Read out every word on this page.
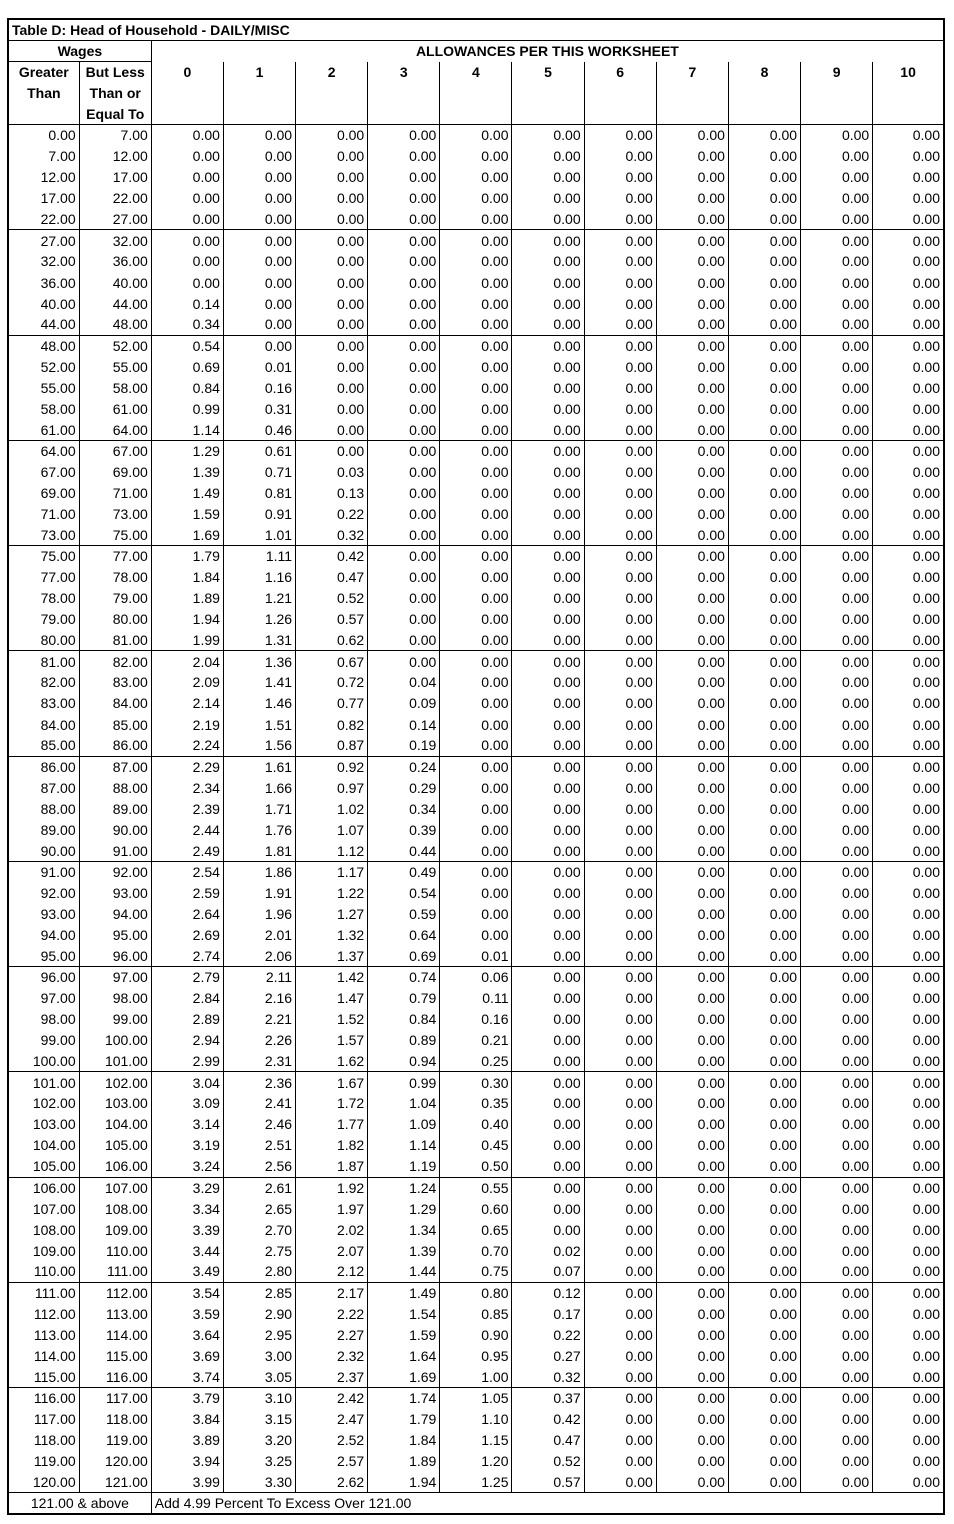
Table D: Head of Household - DAILY/MISC												
Wages		ALLOWANCES PER THIS WORKSHEET										
Greater	But Less	0	1	2	3	4	5	6	7	8	9	10
Than	Than or											
	Equal To											
0.00	7.00	0.00	0.00	0.00	0.00	0.00	0.00	0.00	0.00	0.00	0.00	0.00
7.00	12.00	0.00	0.00	0.00	0.00	0.00	0.00	0.00	0.00	0.00	0.00	0.00
12.00	17.00	0.00	0.00	0.00	0.00	0.00	0.00	0.00	0.00	0.00	0.00	0.00
17.00	22.00	0.00	0.00	0.00	0.00	0.00	0.00	0.00	0.00	0.00	0.00	0.00
22.00	27.00	0.00	0.00	0.00	0.00	0.00	0.00	0.00	0.00	0.00	0.00	0.00
27.00	32.00	0.00	0.00	0.00	0.00	0.00	0.00	0.00	0.00	0.00	0.00	0.00
32.00	36.00	0.00	0.00	0.00	0.00	0.00	0.00	0.00	0.00	0.00	0.00	0.00
36.00	40.00	0.00	0.00	0.00	0.00	0.00	0.00	0.00	0.00	0.00	0.00	0.00
40.00	44.00	0.14	0.00	0.00	0.00	0.00	0.00	0.00	0.00	0.00	0.00	0.00
44.00	48.00	0.34	0.00	0.00	0.00	0.00	0.00	0.00	0.00	0.00	0.00	0.00
48.00	52.00	0.54	0.00	0.00	0.00	0.00	0.00	0.00	0.00	0.00	0.00	0.00
52.00	55.00	0.69	0.01	0.00	0.00	0.00	0.00	0.00	0.00	0.00	0.00	0.00
55.00	58.00	0.84	0.16	0.00	0.00	0.00	0.00	0.00	0.00	0.00	0.00	0.00
58.00	61.00	0.99	0.31	0.00	0.00	0.00	0.00	0.00	0.00	0.00	0.00	0.00
61.00	64.00	1.14	0.46	0.00	0.00	0.00	0.00	0.00	0.00	0.00	0.00	0.00
64.00	67.00	1.29	0.61	0.00	0.00	0.00	0.00	0.00	0.00	0.00	0.00	0.00
67.00	69.00	1.39	0.71	0.03	0.00	0.00	0.00	0.00	0.00	0.00	0.00	0.00
69.00	71.00	1.49	0.81	0.13	0.00	0.00	0.00	0.00	0.00	0.00	0.00	0.00
71.00	73.00	1.59	0.91	0.22	0.00	0.00	0.00	0.00	0.00	0.00	0.00	0.00
73.00	75.00	1.69	1.01	0.32	0.00	0.00	0.00	0.00	0.00	0.00	0.00	0.00
75.00	77.00	1.79	1.11	0.42	0.00	0.00	0.00	0.00	0.00	0.00	0.00	0.00
77.00	78.00	1.84	1.16	0.47	0.00	0.00	0.00	0.00	0.00	0.00	0.00	0.00
78.00	79.00	1.89	1.21	0.52	0.00	0.00	0.00	0.00	0.00	0.00	0.00	0.00
79.00	80.00	1.94	1.26	0.57	0.00	0.00	0.00	0.00	0.00	0.00	0.00	0.00
80.00	81.00	1.99	1.31	0.62	0.00	0.00	0.00	0.00	0.00	0.00	0.00	0.00
81.00	82.00	2.04	1.36	0.67	0.00	0.00	0.00	0.00	0.00	0.00	0.00	0.00
82.00	83.00	2.09	1.41	0.72	0.04	0.00	0.00	0.00	0.00	0.00	0.00	0.00
83.00	84.00	2.14	1.46	0.77	0.09	0.00	0.00	0.00	0.00	0.00	0.00	0.00
84.00	85.00	2.19	1.51	0.82	0.14	0.00	0.00	0.00	0.00	0.00	0.00	0.00
85.00	86.00	2.24	1.56	0.87	0.19	0.00	0.00	0.00	0.00	0.00	0.00	0.00
86.00	87.00	2.29	1.61	0.92	0.24	0.00	0.00	0.00	0.00	0.00	0.00	0.00
87.00	88.00	2.34	1.66	0.97	0.29	0.00	0.00	0.00	0.00	0.00	0.00	0.00
88.00	89.00	2.39	1.71	1.02	0.34	0.00	0.00	0.00	0.00	0.00	0.00	0.00
89.00	90.00	2.44	1.76	1.07	0.39	0.00	0.00	0.00	0.00	0.00	0.00	0.00
90.00	91.00	2.49	1.81	1.12	0.44	0.00	0.00	0.00	0.00	0.00	0.00	0.00
91.00	92.00	2.54	1.86	1.17	0.49	0.00	0.00	0.00	0.00	0.00	0.00	0.00
92.00	93.00	2.59	1.91	1.22	0.54	0.00	0.00	0.00	0.00	0.00	0.00	0.00
93.00	94.00	2.64	1.96	1.27	0.59	0.00	0.00	0.00	0.00	0.00	0.00	0.00
94.00	95.00	2.69	2.01	1.32	0.64	0.00	0.00	0.00	0.00	0.00	0.00	0.00
95.00	96.00	2.74	2.06	1.37	0.69	0.01	0.00	0.00	0.00	0.00	0.00	0.00
96.00	97.00	2.79	2.11	1.42	0.74	0.06	0.00	0.00	0.00	0.00	0.00	0.00
97.00	98.00	2.84	2.16	1.47	0.79	0.11	0.00	0.00	0.00	0.00	0.00	0.00
98.00	99.00	2.89	2.21	1.52	0.84	0.16	0.00	0.00	0.00	0.00	0.00	0.00
99.00	100.00	2.94	2.26	1.57	0.89	0.21	0.00	0.00	0.00	0.00	0.00	0.00
100.00	101.00	2.99	2.31	1.62	0.94	0.25	0.00	0.00	0.00	0.00	0.00	0.00
101.00	102.00	3.04	2.36	1.67	0.99	0.30	0.00	0.00	0.00	0.00	0.00	0.00
102.00	103.00	3.09	2.41	1.72	1.04	0.35	0.00	0.00	0.00	0.00	0.00	0.00
103.00	104.00	3.14	2.46	1.77	1.09	0.40	0.00	0.00	0.00	0.00	0.00	0.00
104.00	105.00	3.19	2.51	1.82	1.14	0.45	0.00	0.00	0.00	0.00	0.00	0.00
105.00	106.00	3.24	2.56	1.87	1.19	0.50	0.00	0.00	0.00	0.00	0.00	0.00
106.00	107.00	3.29	2.61	1.92	1.24	0.55	0.00	0.00	0.00	0.00	0.00	0.00
107.00	108.00	3.34	2.65	1.97	1.29	0.60	0.00	0.00	0.00	0.00	0.00	0.00
108.00	109.00	3.39	2.70	2.02	1.34	0.65	0.00	0.00	0.00	0.00	0.00	0.00
109.00	110.00	3.44	2.75	2.07	1.39	0.70	0.02	0.00	0.00	0.00	0.00	0.00
110.00	111.00	3.49	2.80	2.12	1.44	0.75	0.07	0.00	0.00	0.00	0.00	0.00
111.00	112.00	3.54	2.85	2.17	1.49	0.80	0.12	0.00	0.00	0.00	0.00	0.00
112.00	113.00	3.59	2.90	2.22	1.54	0.85	0.17	0.00	0.00	0.00	0.00	0.00
113.00	114.00	3.64	2.95	2.27	1.59	0.90	0.22	0.00	0.00	0.00	0.00	0.00
114.00	115.00	3.69	3.00	2.32	1.64	0.95	0.27	0.00	0.00	0.00	0.00	0.00
115.00	116.00	3.74	3.05	2.37	1.69	1.00	0.32	0.00	0.00	0.00	0.00	0.00
116.00	117.00	3.79	3.10	2.42	1.74	1.05	0.37	0.00	0.00	0.00	0.00	0.00
117.00	118.00	3.84	3.15	2.47	1.79	1.10	0.42	0.00	0.00	0.00	0.00	0.00
118.00	119.00	3.89	3.20	2.52	1.84	1.15	0.47	0.00	0.00	0.00	0.00	0.00
119.00	120.00	3.94	3.25	2.57	1.89	1.20	0.52	0.00	0.00	0.00	0.00	0.00
120.00	121.00	3.99	3.30	2.62	1.94	1.25	0.57	0.00	0.00	0.00	0.00	0.00
121.00 & above		Add 4.99 Percent To Excess Over 121.00										
